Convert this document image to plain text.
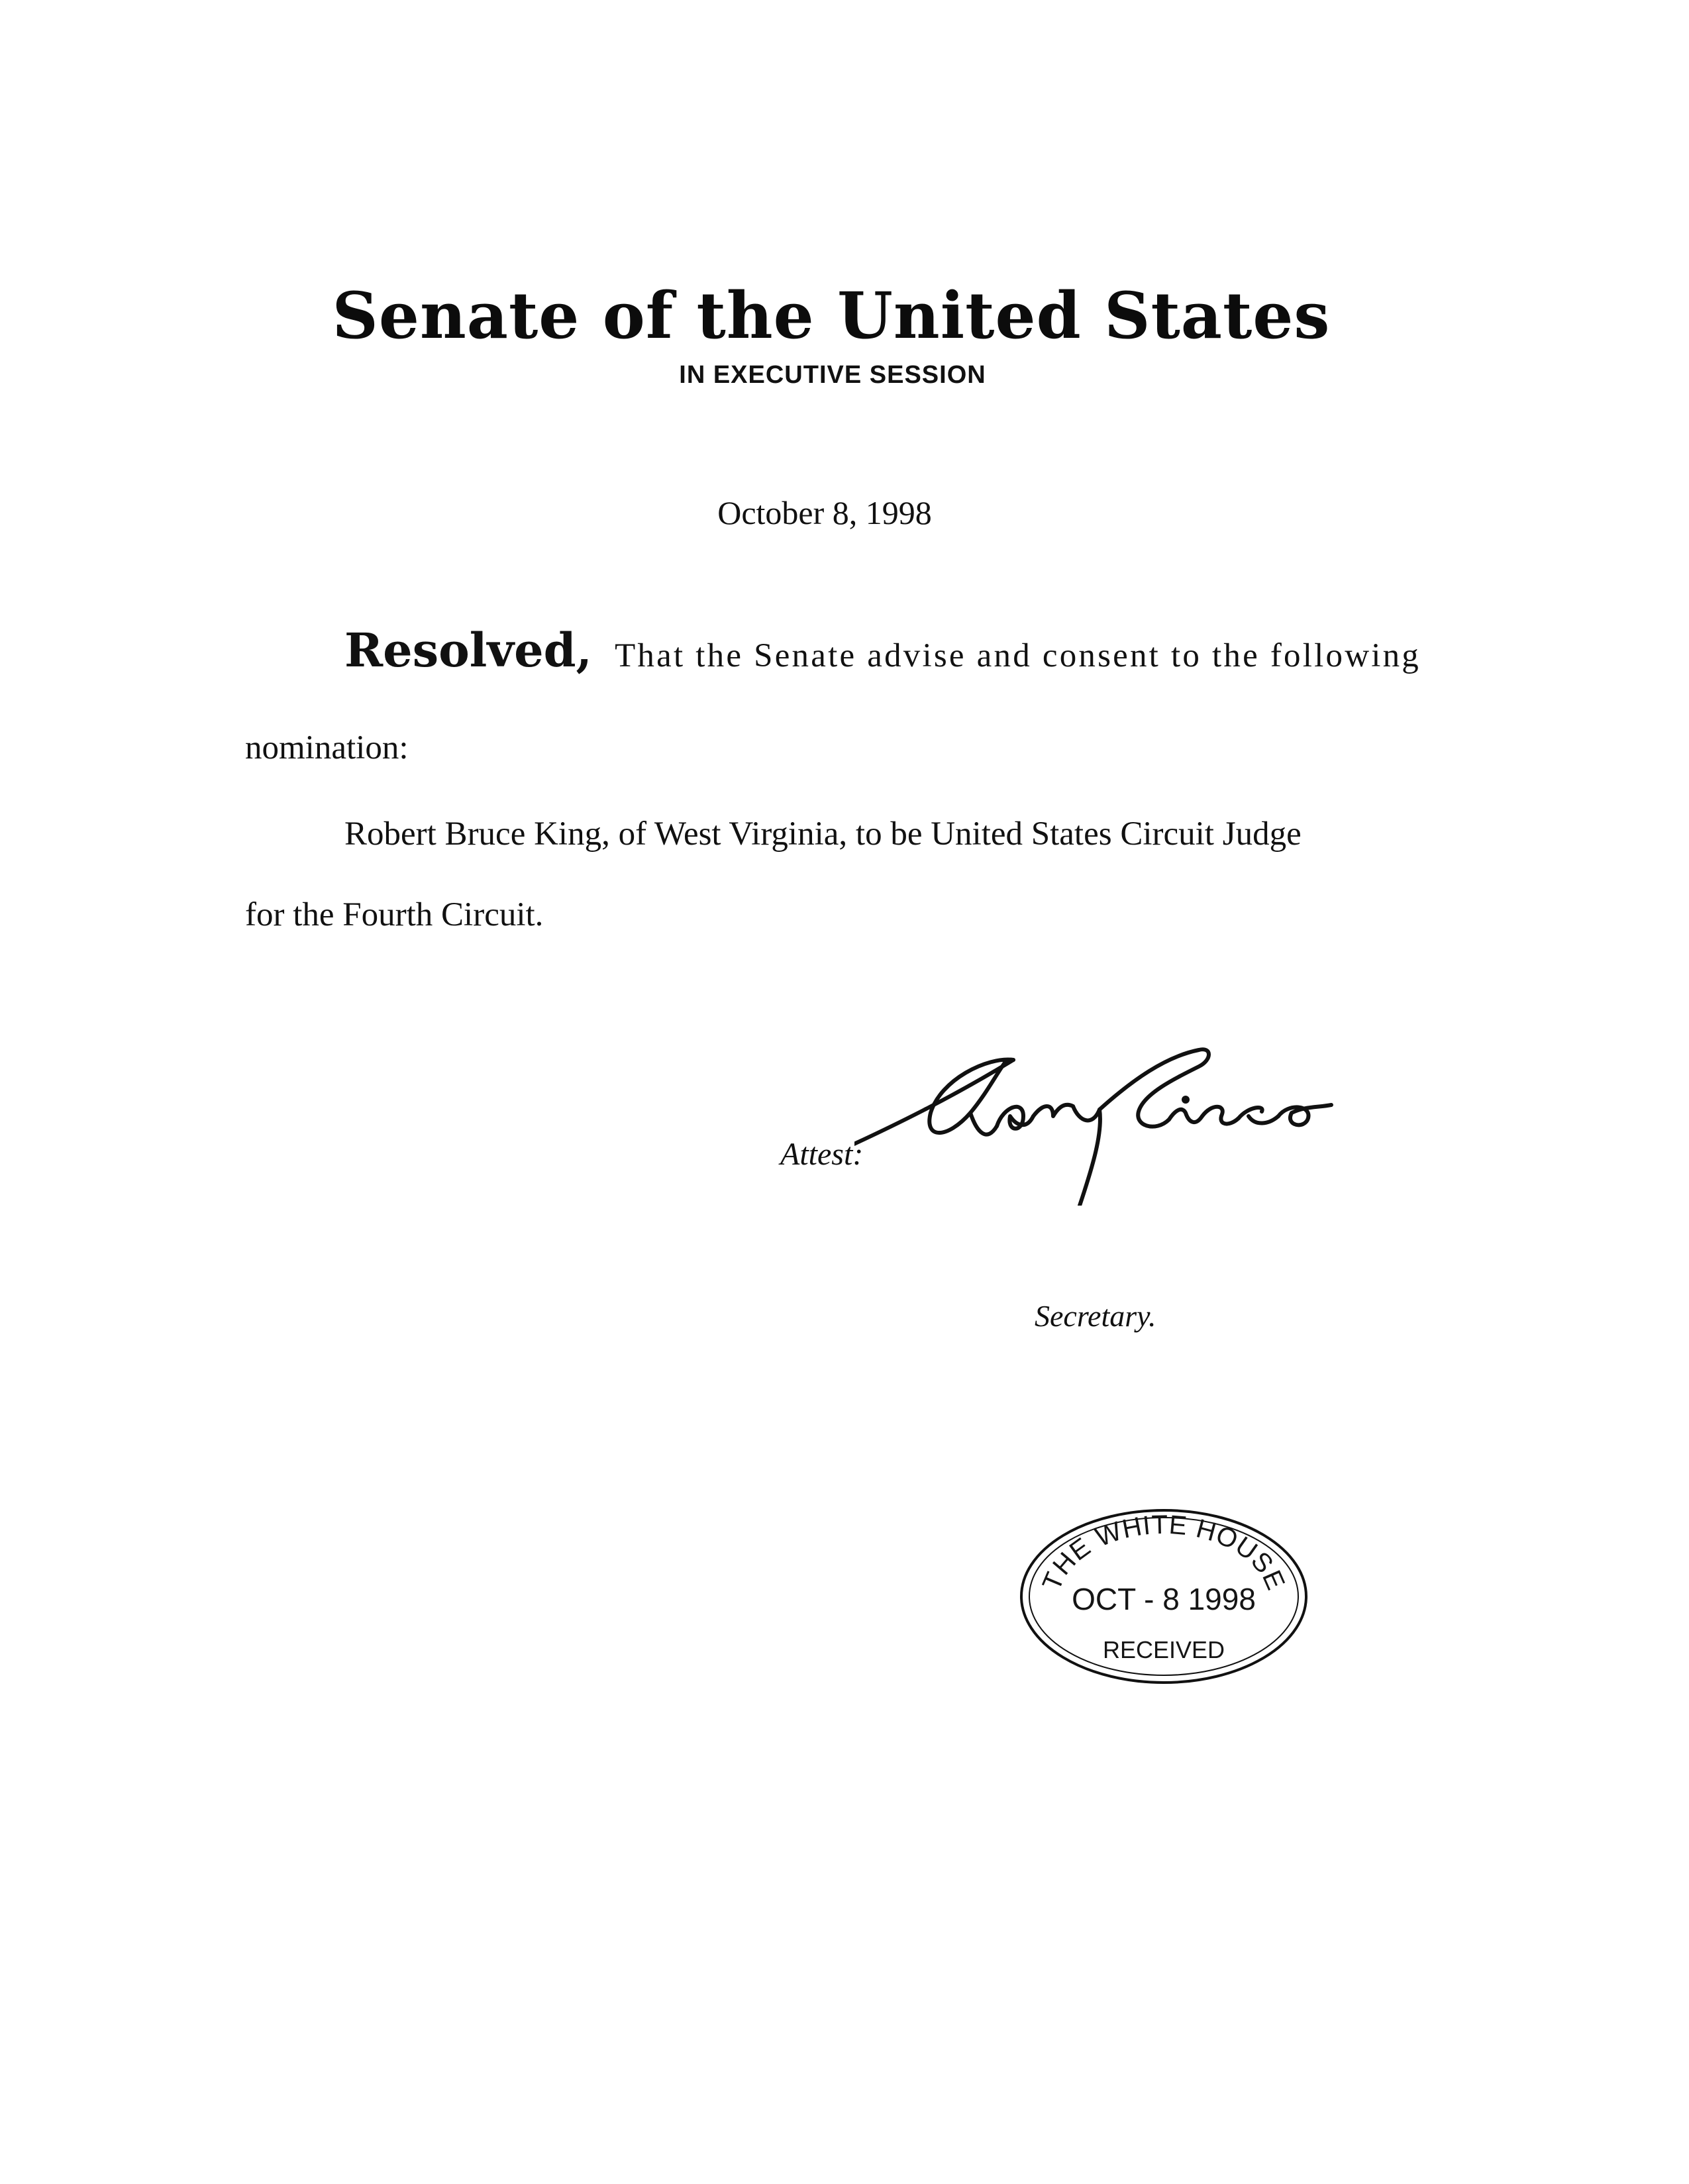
Senate of the United States
IN EXECUTIVE SESSION
October 8, 1998
Resolved, That the Senate advise and consent to the following
nomination:
Robert Bruce King, of West Virginia, to be United States Circuit Judge
for the Fourth Circuit.
Attest:
Secretary.
THE WHITE HOUSE
OCT - 8 1998
RECEIVED
